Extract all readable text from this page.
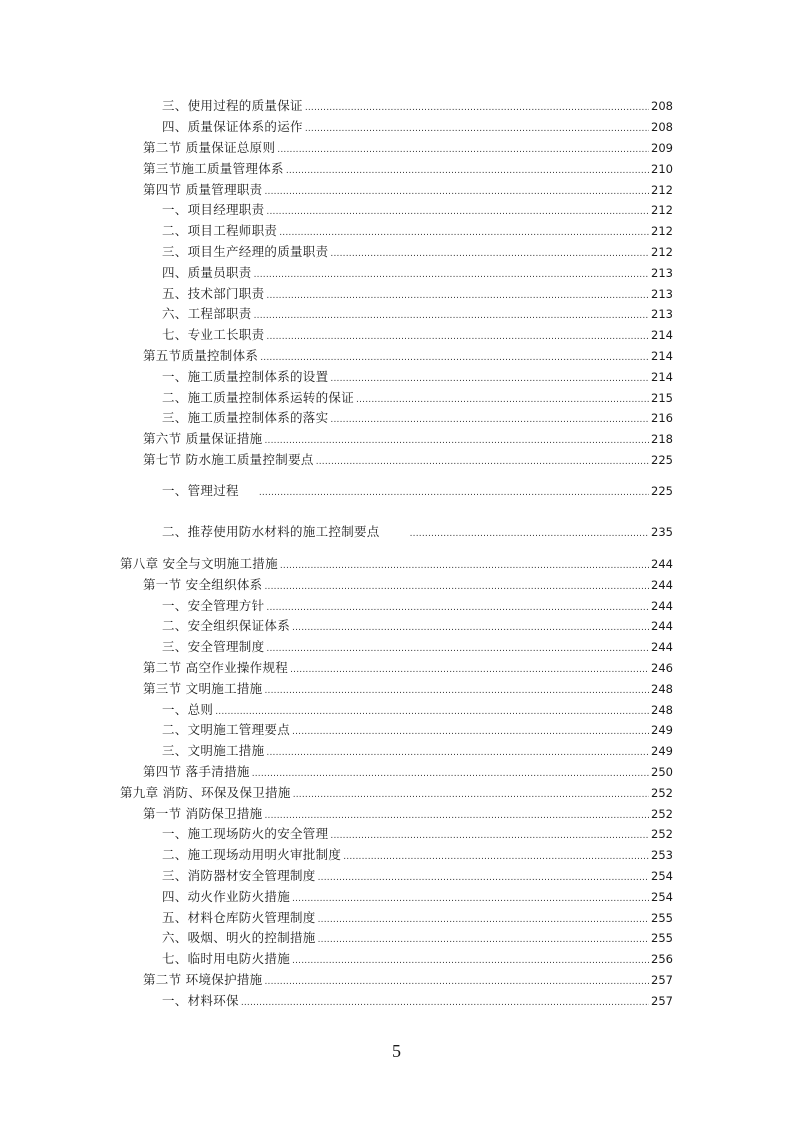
三、使用过程的质量保证 .....	208
四、质量保证体系的运作 .....	208
第二节 质量保证总原则 .....	209
第三节施工质量管理体系 .....	210
第四节 质量管理职责 .....	212
一、项目经理职责 .....	212
二、项目工程师职责 .....	212
三、项目生产经理的质量职责 .....	212
四、质量员职责 .....	213
五、技术部门职责 .....	213
六、工程部职责 .....	213
七、专业工长职责 .....	214
第五节质量控制体系 .....	214
一、施工质量控制体系的设置 .....	214
二、施工质量控制体系运转的保证 .....	215
三、施工质量控制体系的落实 .....	216
第六节 质量保证措施 .....	218
第七节 防水施工质量控制要点 .....	225
一、管理过程 .....	225
二、推荐使用防水材料的施工控制要点 .....	235
第八章 安全与文明施工措施 .....	244
第一节 安全组织体系 .....	244
一、安全管理方针 .....	244
二、安全组织保证体系 .....	244
三、安全管理制度 .....	244
第二节 高空作业操作规程 .....	246
第三节 文明施工措施 .....	248
一、总则 .....	248
二、文明施工管理要点 .....	249
三、文明施工措施 .....	249
第四节 落手清措施 .....	250
第九章 消防、环保及保卫措施 .....	252
第一节 消防保卫措施 .....	252
一、施工现场防火的安全管理 .....	252
二、施工现场动用明火审批制度 .....	253
三、消防器材安全管理制度 .....	254
四、动火作业防火措施 .....	254
五、材料仓库防火管理制度 .....	255
六、吸烟、明火的控制措施 .....	255
七、临时用电防火措施 .....	256
第二节 环境保护措施 .....	257
一、材料环保 .....	257
5
